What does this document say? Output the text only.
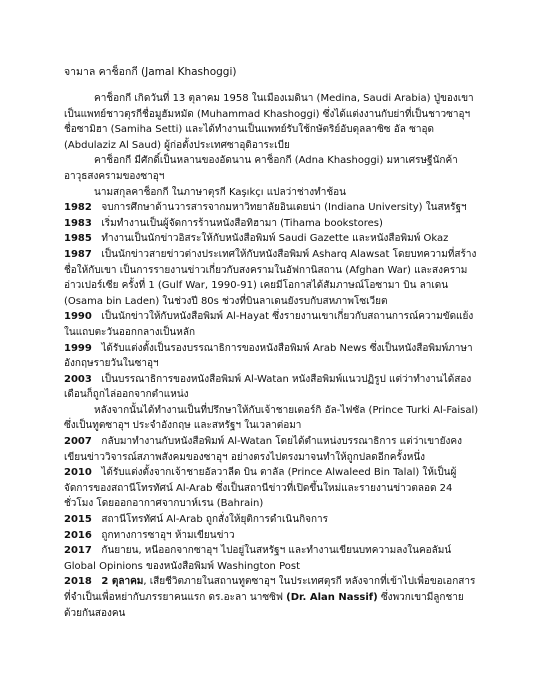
จามาล คาช็อกกี (Jamal Khashoggi)

คาช็อกกี เกิดวันที่ 13 ตุลาคม 1958 ในเมืองเมดินา (Medina, Saudi Arabia) ปู่ของเขาเป็นแพทย์ชาวตุรกีชื่อมูฮัมหมัด (Muhammad Khashoggi) ซึ่งได้แต่งงานกับย่าที่เป็นชาวซาอุฯ ชื่อซามิฮา (Samiha Setti) และได้ทำงานเป็นแพทย์รับใช้กษัตริย์อับดุลลาซิซ อัล ซาอุด (Abdulaziz Al Saud) ผู้ก่อตั้งประเทศซาอุดิอาระเบีย

คาช็อกกี มีศักดิ์เป็นหลานของอัดนาน คาช็อกกี (Adna Khashoggi) มหาเศรษฐีนักค้าอาวุธสงครามของซาอุฯ

นามสกุลคาช็อกกี ในภาษาตุรกี Kaşıkçı แปลว่าช่างทำช้อน

1982 จบการศึกษาด้านวารสารจากมหาวิทยาลัยอินเดยน่า (Indiana University) ในสหรัฐฯ

1983 เริ่มทำงานเป็นผู้จัดการร้านหนังสือทิฮามา (Tihama bookstores)

1985 ทำงานเป็นนักข่าวอิสระให้กับหนังสือพิมพ์ Saudi Gazette และหนังสือพิมพ์ Okaz

1987 เป็นนักข่าวสายข่าวต่างประเทศให้กับหนังสือพิมพ์ Asharq Alawsat โดยบทความที่สร้างชื่อให้กับเขา เป็นการรายงานข่าวเกี่ยวกับสงครามในอัฟกานิสถาน (Afghan War) และสงครามอ่าวเปอร์เซีย ครั้งที่ 1 (Gulf War, 1990-91) เคยมีโอกาสได้สัมภาษณ์โอซามา บิน ลาเดน (Osama bin Laden) ในช่วงปี 80s ช่วงที่บินลาเดนยังรบกับสหภาพโซเวียต

1990 เป็นนักข่าวให้กับหนังสือพิมพ์ Al-Hayat ซึ่งรายงานเขาเกี่ยวกับสถานการณ์ความขัดแย้งในแถบตะวันออกกลางเป็นหลัก

1999 ได้รับแต่งตั้งเป็นรองบรรณาธิการของหนังสือพิมพ์ Arab News ซึ่งเป็นหนังสือพิมพ์ภาษาอังกฤษรายวันในซาอุฯ

2003 เป็นบรรณาธิการของหนังสือพิมพ์ Al-Watan หนังสือพิมพ์แนวปฏิรูป แต่ว่าทำงานได้สองเดือนก็ถูกไล่ออกจากตำแหน่ง

หลังจากนั้นได้ทำงานเป็นที่ปรึกษาให้กับเจ้าชายเตอร์กิ อัล-ไฟซัล (Prince Turki Al-Faisal) ซึ่งเป็นทูตซาอุฯ ประจำอังกฤษ และสหรัฐฯ ในเวลาต่อมา

2007 กลับมาทำงานกับหนังสือพิมพ์ Al-Watan โดยได้ตำแหน่งบรรณาธิการ แต่ว่าเขายังคงเขียนข่าววิจารณ์สภาพสังคมของซาอุฯ อย่างตรงไปตรงมาจนทำให้ถูกปลดอีกครั้งหนึ่ง

2010 ได้รับแต่งตั้งจากเจ้าชายอัลวาลีด บิน ตาลัล (Prince Alwaleed Bin Talal) ให้เป็นผู้จัดการของสถานีโทรทัศน์ Al-Arab ซึ่งเป็นสถานีข่าวที่เปิดขึ้นใหม่และรายงานข่าวตลอด 24 ชั่วโมง โดยออกอากาศจากบาห์เรน (Bahrain)

2015 สถานีโทรทัศน์ Al-Arab ถูกสั่งให้ยุติการดำเนินกิจการ

2016 ถูกทางการซาอุฯ ห้ามเขียนข่าว

2017 กันยายน, หนีออกจากซาอุฯ ไปอยู่ในสหรัฐฯ และทำงานเขียนบทความลงในคอลัมน์ Global Opinions ของหนังสือพิมพ์ Washington Post

2018 2 ตุลาคม, เสียชีวิตภายในสถานทูตซาอุฯ ในประเทศตุรกี หลังจากที่เข้าไปเพื่อขอเอกสารที่จำเป็นเพื่อหย่ากับภรรยาคนแรก ดร.อะลา นาซซิฟ (Dr. Alan Nassif) ซึ่งพวกเขามีลูกชายด้วยกันสองคน
